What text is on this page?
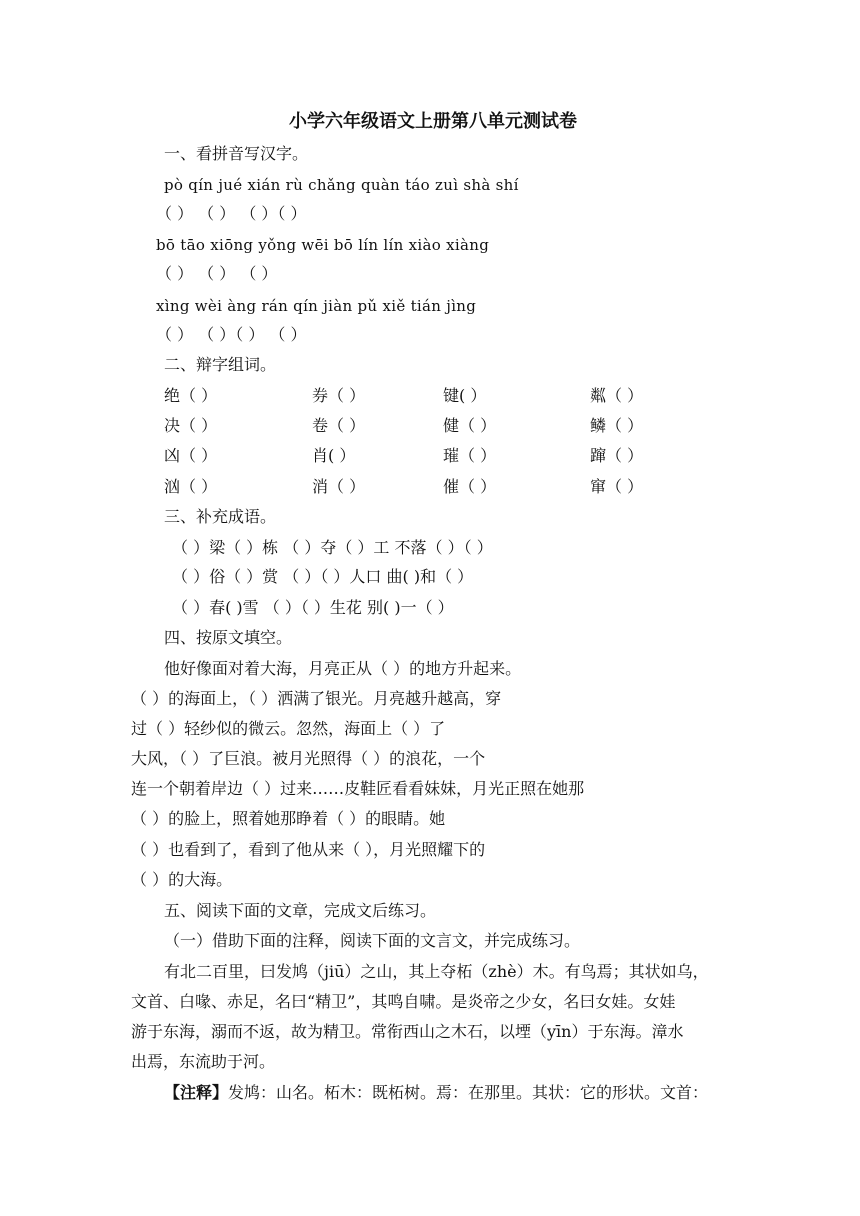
小学六年级语文上册第八单元测试卷
一、看拼音写汉字。
pò qín jué xián rù chǎng quàn táo zuì shà shí
（ ） （ ） （ ）（ ）
bō tāo xiōng yǒng wēi bō lín lín xiào xiàng
（ ） （ ） （ ）
xìng wèi àng rán qín jiàn pǔ xiě tián jìng
（ ） （ ）（ ） （ ）
二、辩字组词。
绝（ ）	券（ ）	键( ）	粼（ ）
决（ ）	卷（ ）	健（ ）	鳞（ ）
凶（ ）	肖( ）	璀（ ）	蹿（ ）
汹（ ）	消（ ）	催（ ）	窜（ ）
三、补充成语。
（ ）梁（ ）栋 （ ）夺（ ）工 不落（ ）（ ）
（ ）俗（ ）赏 （ ）（ ）人口 曲( )和（ ）
（ ）春( )雪 （ ）（ ）生花 别( )一（ ）
四、按原文填空。
他好像面对着大海，月亮正从（ ）的地方升起来。
（ ）的海面上，（ ）洒满了银光。月亮越升越高，穿
过（ ）轻纱似的微云。忽然，海面上（ ）了
大风，（ ）了巨浪。被月光照得（ ）的浪花，一个
连一个朝着岸边（ ）过来……皮鞋匠看看妹妹，月光正照在她那
（ ）的脸上，照着她那睁着（ ）的眼睛。她
（ ）也看到了，看到了他从来（ ），月光照耀下的
（ ）的大海。
五、阅读下面的文章，完成文后练习。
（一）借助下面的注释，阅读下面的文言文，并完成练习。
有北二百里，曰发鸠（jiū）之山，其上夺柘（zhè）木。有鸟焉；其状如乌，
文首、白喙、赤足，名曰“精卫”，其鸣自啸。是炎帝之少女，名曰女娃。女娃
游于东海，溺而不返，故为精卫。常衔西山之木石，以堙（yīn）于东海。漳水
出焉，东流助于河。
【注释】发鸠：山名。柘木：既柘树。焉：在那里。其状：它的形状。文首：
